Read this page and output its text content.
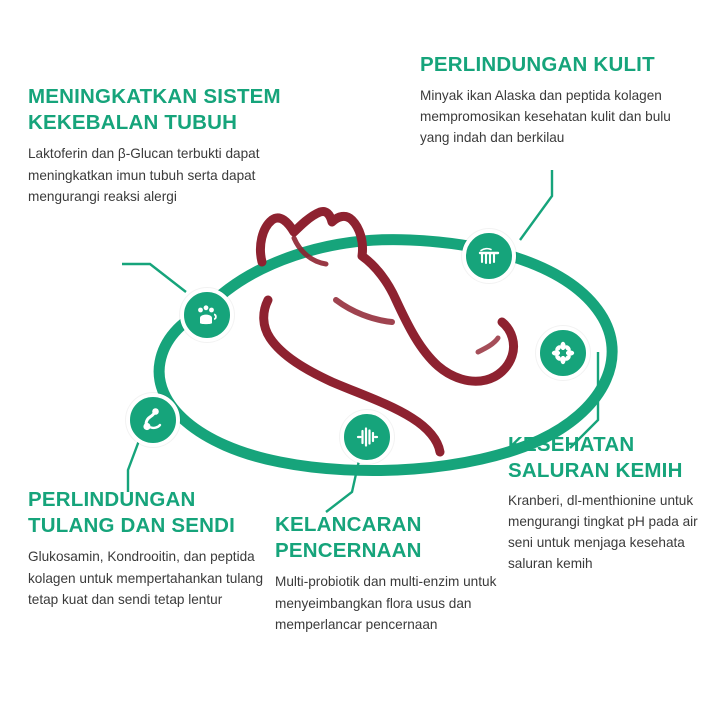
MENINGKATKAN SISTEM KEKEBALAN TUBUH

Laktoferin dan β-Glucan terbukti dapat meningkatkan imun tubuh serta dapat mengurangi reaksi alergi

PERLINDUNGAN KULIT

Minyak ikan Alaska dan peptida kolagen mempromosikan kesehatan kulit dan bulu yang indah dan berkilau

PERLINDUNGAN TULANG DAN SENDI

Glukosamin, Kondrooitin, dan peptida kolagen untuk mempertahankan tulang tetap kuat dan sendi tetap lentur

KELANCARAN PENCERNAAN

Multi-probiotik dan multi-enzim untuk menyeimbangkan flora usus dan memperlancar pencernaan

KESEHATAN SALURAN KEMIH

Kranberi, dl-menthionine untuk mengurangi tingkat pH pada air seni untuk menjaga kesehata saluran kemih
